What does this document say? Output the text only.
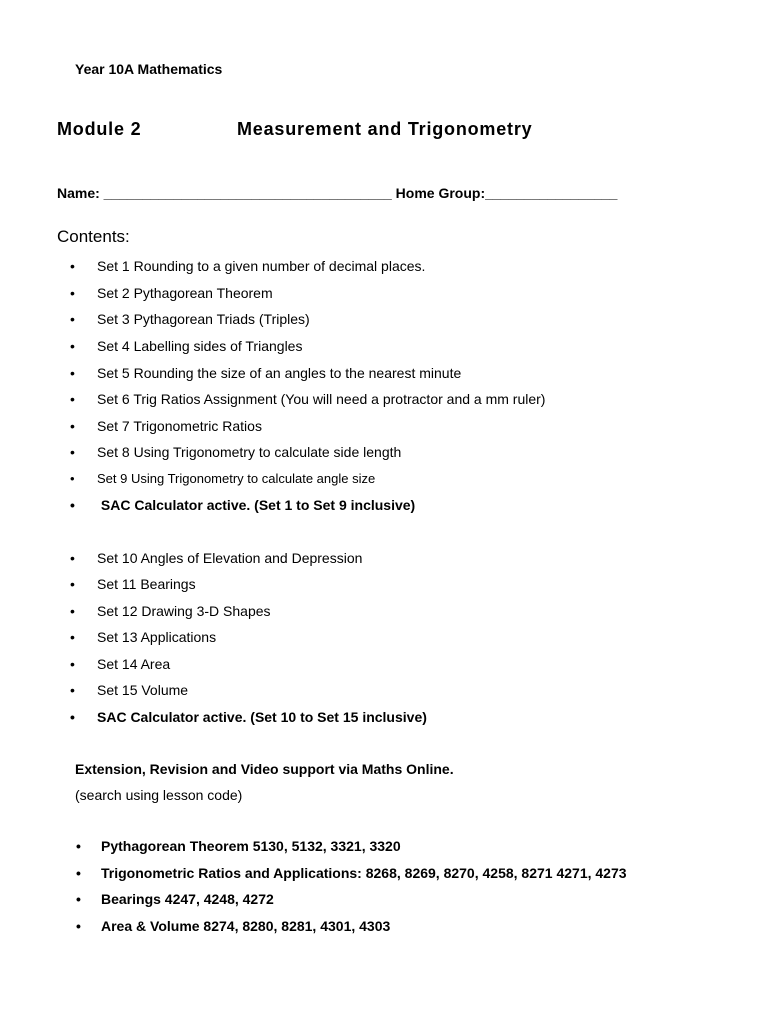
Year 10A Mathematics
Module 2	Measurement and Trigonometry
Name: _____________________________________ Home Group:_________________
Contents:
• Set 1 Rounding to a given number of decimal places.
• Set 2 Pythagorean Theorem
• Set 3 Pythagorean Triads (Triples)
• Set 4 Labelling sides of Triangles
• Set 5 Rounding the size of an angles to the nearest minute
• Set 6 Trig Ratios Assignment (You will need a protractor and a mm ruler)
• Set 7 Trigonometric Ratios
• Set 8 Using Trigonometry to calculate side length
• Set 9 Using Trigonometry to calculate angle size
• SAC Calculator active. (Set 1 to Set 9 inclusive)
• Set 10 Angles of Elevation and Depression
• Set 11 Bearings
• Set 12 Drawing 3-D Shapes
• Set 13 Applications
• Set 14 Area
• Set 15 Volume
• SAC Calculator active. (Set 10 to Set 15 inclusive)
Extension, Revision and Video support via Maths Online.
(search using lesson code)
• Pythagorean Theorem 5130, 5132, 3321, 3320
• Trigonometric Ratios and Applications: 8268, 8269, 8270, 4258, 8271 4271, 4273
• Bearings 4247, 4248, 4272
• Area & Volume 8274, 8280, 8281, 4301, 4303
